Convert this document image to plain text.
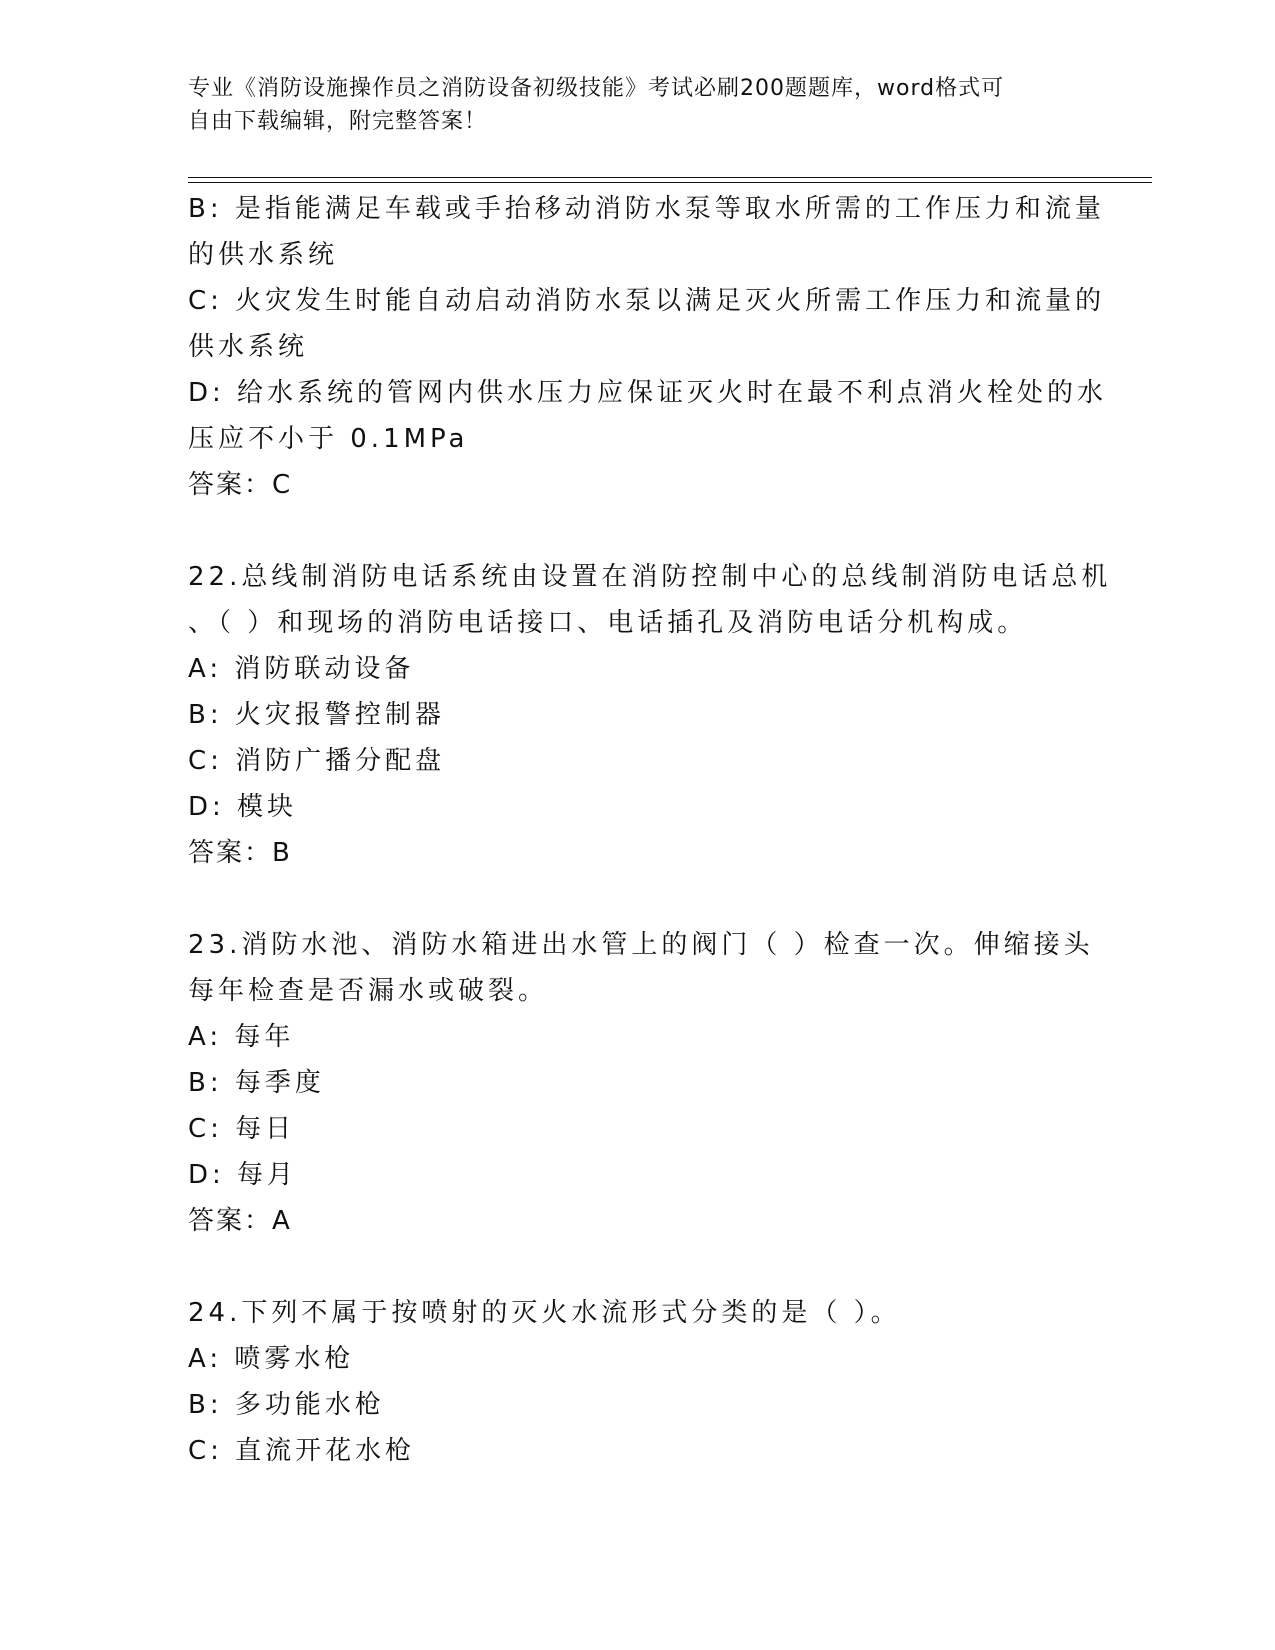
专业《消防设施操作员之消防设备初级技能》考试必刷200题题库，word格式可

自由下载编辑，附完整答案！

B: 是指能满足车载或手抬移动消防水泵等取水所需的工作压力和流量

的供水系统

C: 火灾发生时能自动启动消防水泵以满足灭火所需工作压力和流量的

供水系统

D: 给水系统的管网内供水压力应保证灭火时在最不利点消火栓处的水

压应不小于 0.1MPa

答案：C

22.总线制消防电话系统由设置在消防控制中心的总线制消防电话总机

、（ ）和现场的消防电话接口、电话插孔及消防电话分机构成。

A: 消防联动设备

B: 火灾报警控制器

C: 消防广播分配盘

D: 模块

答案：B

23.消防水池、消防水箱进出水管上的阀门（ ）检查一次。伸缩接头

每年检查是否漏水或破裂。

A: 每年

B: 每季度

C: 每日

D: 每月

答案：A

24.下列不属于按喷射的灭火水流形式分类的是（ ）。

A: 喷雾水枪

B: 多功能水枪

C: 直流开花水枪
